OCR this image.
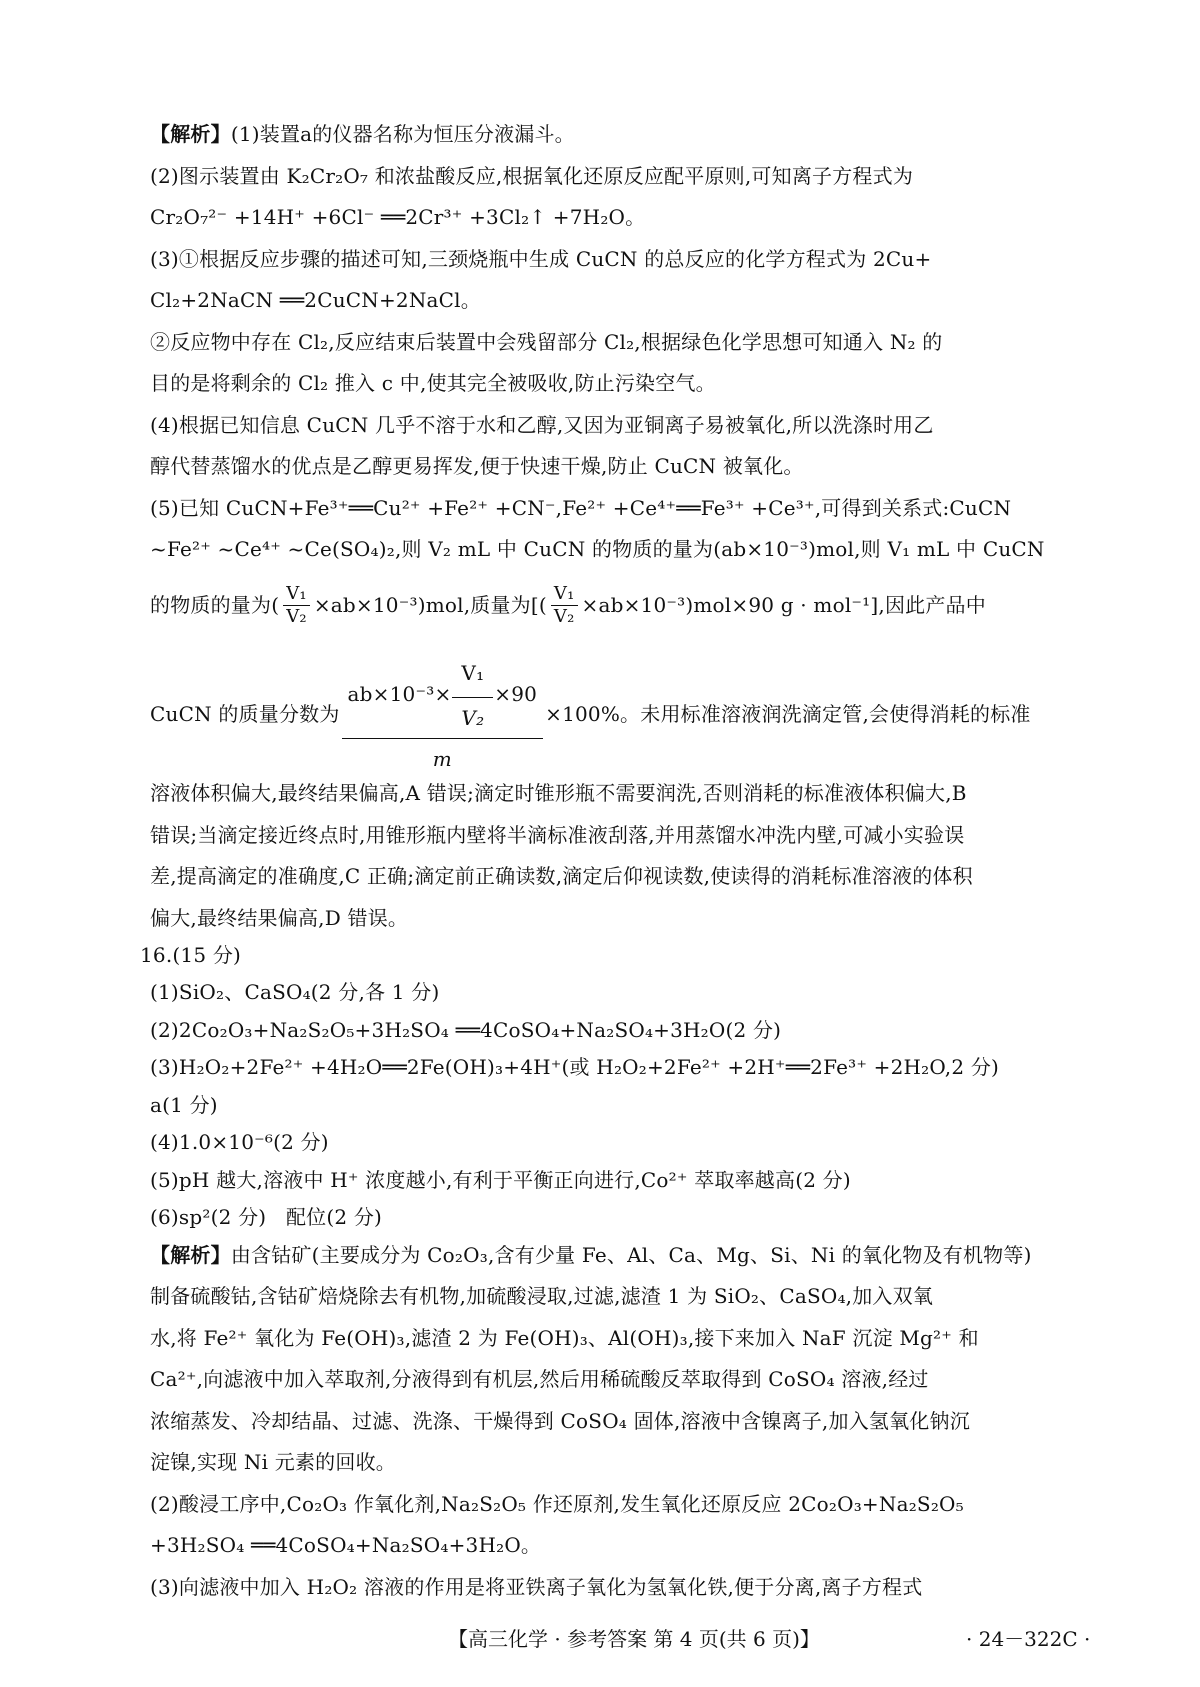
【解析】(1)装置a的仪器名称为恒压分液漏斗。
(2)图示装置由 K₂Cr₂O₇ 和浓盐酸反应,根据氧化还原反应配平原则,可知离子方程式为
Cr₂O₇²⁻ +14H⁺ +6Cl⁻ ══2Cr³⁺ +3Cl₂↑ +7H₂O。
(3)①根据反应步骤的描述可知,三颈烧瓶中生成 CuCN 的总反应的化学方程式为 2Cu+
Cl₂+2NaCN ══2CuCN+2NaCl。
②反应物中存在 Cl₂,反应结束后装置中会残留部分 Cl₂,根据绿色化学思想可知通入 N₂ 的
目的是将剩余的 Cl₂ 推入 c 中,使其完全被吸收,防止污染空气。
(4)根据已知信息 CuCN 几乎不溶于水和乙醇,又因为亚铜离子易被氧化,所以洗涤时用乙
醇代替蒸馏水的优点是乙醇更易挥发,便于快速干燥,防止 CuCN 被氧化。
(5)已知 CuCN+Fe³⁺══Cu²⁺ +Fe²⁺ +CN⁻,Fe²⁺ +Ce⁴⁺══Fe³⁺ +Ce³⁺,可得到关系式:CuCN
~Fe²⁺ ~Ce⁴⁺ ~Ce(SO₄)₂,则 V₂ mL 中 CuCN 的物质的量为(ab×10⁻³)mol,则 V₁ mL 中 CuCN
的物质的量为( $\frac{\text{V₁}}{\text{V₂}} \times ab\times 10^{-3})mol$,质量为[( $\frac{\text{V₁}}{\text{V₂}} \times ab\times 10^{-3})mol\times 90$ g · mol⁻¹],因此产品中
CuCN 的质量分数为
$ab\times 10^{-3}\times \frac{\text{V₁}}{\text{V₂}} \times 90$
m
×100%。未用标准溶液润洗滴定管,会使得消耗的标准
溶液体积偏大,最终结果偏高,A 错误;滴定时锥形瓶不需要润洗,否则消耗的标准液体积偏大,B
错误;当滴定接近终点时,用锥形瓶内壁将半滴标准液刮落,并用蒸馏水冲洗内壁,可减小实验误
差,提高滴定的准确度,C 正确;滴定前正确读数,滴定后仰视读数,使读得的消耗标准溶液的体积
偏大,最终结果偏高,D 错误。
16.(15 分)
(1)SiO₂、CaSO₄(2 分,各 1 分)
(2)2Co₂O₃+Na₂S₂O₅+3H₂SO₄ ══4CoSO₄+Na₂SO₄+3H₂O(2 分)
(3)H₂O₂+2Fe²⁺ +4H₂O══2Fe(OH)₃+4H⁺(或 H₂O₂+2Fe²⁺ +2H⁺══2Fe³⁺ +2H₂O,2 分)
a(1 分)
(4)1.0×10⁻⁶(2 分)
(5)pH 越大,溶液中 H⁺ 浓度越小,有利于平衡正向进行,Co²⁺ 萃取率越高(2 分)
(6)sp²(2 分)   配位(2 分)
【解析】由含钴矿(主要成分为 Co₂O₃,含有少量 Fe、Al、Ca、Mg、Si、Ni 的氧化物及有机物等)
制备硫酸钴,含钴矿焙烧除去有机物,加硫酸浸取,过滤,滤渣 1 为 SiO₂、CaSO₄,加入双氧
水,将 Fe²⁺ 氧化为 Fe(OH)₃,滤渣 2 为 Fe(OH)₃、Al(OH)₃,接下来加入 NaF 沉淀 Mg²⁺ 和
Ca²⁺,向滤液中加入萃取剂,分液得到有机层,然后用稀硫酸反萃取得到 CoSO₄ 溶液,经过
浓缩蒸发、冷却结晶、过滤、洗涤、干燥得到 CoSO₄ 固体,溶液中含镍离子,加入氢氧化钠沉
淀镍,实现 Ni 元素的回收。
(2)酸浸工序中,Co₂O₃ 作氧化剂,Na₂S₂O₅ 作还原剂,发生氧化还原反应 2Co₂O₃+Na₂S₂O₅
+3H₂SO₄ ══4CoSO₄+Na₂SO₄+3H₂O。
(3)向滤液中加入 H₂O₂ 溶液的作用是将亚铁离子氧化为氢氧化铁,便于分离,离子方程式
【高三化学 · 参考答案 第 4 页(共 6 页)】	· 24－322C ·
